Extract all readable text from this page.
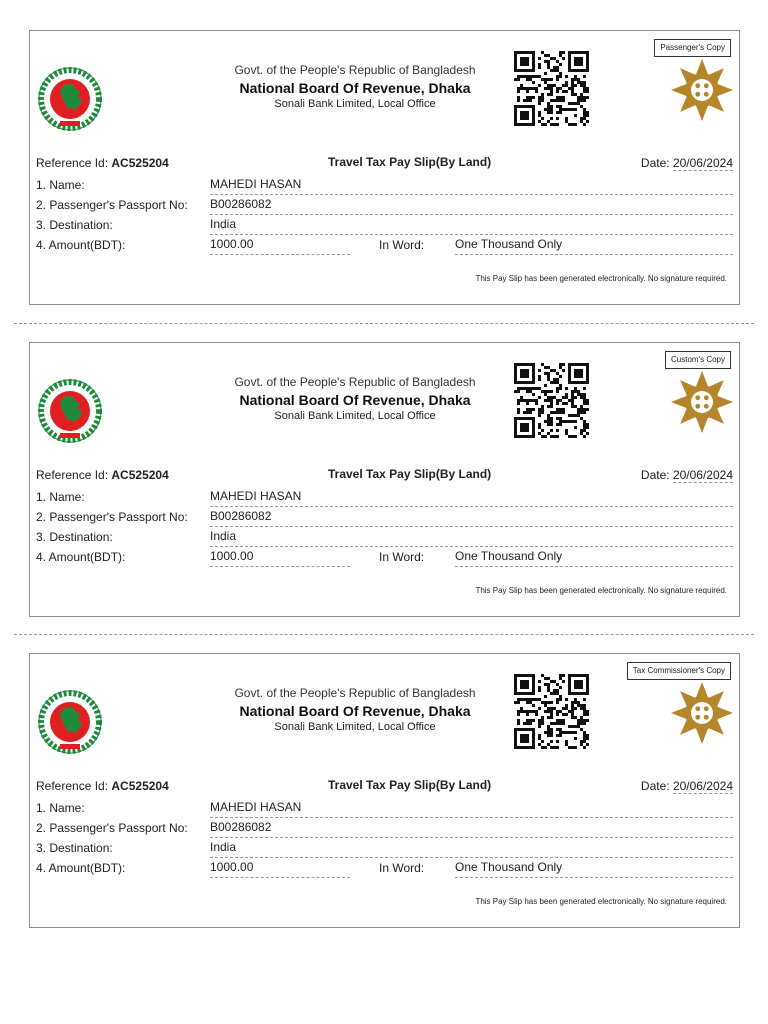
Passenger's Copy
Govt. of the People's Republic of Bangladesh
National Board Of Revenue, Dhaka
Sonali Bank Limited, Local Office
Reference Id: AC525204	Travel Tax Pay Slip(By Land)	Date: 20/06/2024
1. Name:	MAHEDI HASAN
2. Passenger's Passport No: B00286082
3. Destination:	India
4. Amount(BDT):	1000.00	In Word:	One Thousand Only
This Pay Slip has been generated electronically. No signature required.
Custom's Copy
Govt. of the People's Republic of Bangladesh
National Board Of Revenue, Dhaka
Sonali Bank Limited, Local Office
Reference Id: AC525204	Travel Tax Pay Slip(By Land)	Date: 20/06/2024
1. Name:	MAHEDI HASAN
2. Passenger's Passport No: B00286082
3. Destination:	India
4. Amount(BDT):	1000.00	In Word:	One Thousand Only
This Pay Slip has been generated electronically. No signature required.
Tax Commissioner's Copy
Govt. of the People's Republic of Bangladesh
National Board Of Revenue, Dhaka
Sonali Bank Limited, Local Office
Reference Id: AC525204	Travel Tax Pay Slip(By Land)	Date: 20/06/2024
1. Name:	MAHEDI HASAN
2. Passenger's Passport No: B00286082
3. Destination:	India
4. Amount(BDT):	1000.00	In Word:	One Thousand Only
This Pay Slip has been generated electronically. No signature required.
